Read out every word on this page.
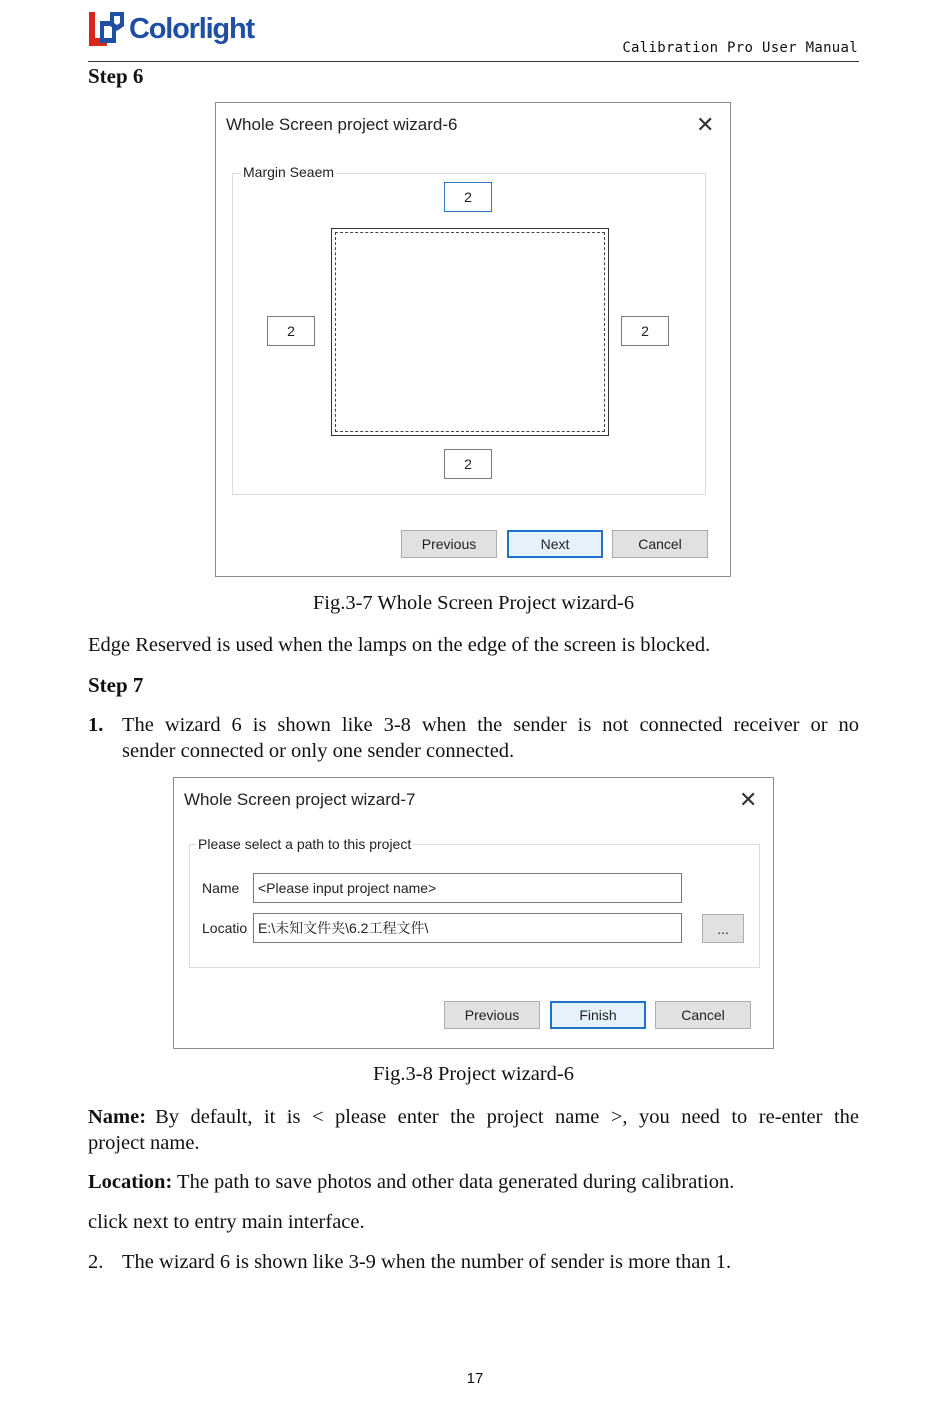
Colorlight
Calibration Pro User Manual
Step 6
Whole Screen project wizard-6	✕
Margin Seaem
2
2	2
2
Previous	Next	Cancel
Fig.3-7 Whole Screen Project wizard-6
Edge Reserved is used when the lamps on the edge of the screen is blocked.
Step 7
1. The wizard 6 is shown like 3-8 when the sender is not connected receiver or no
sender connected or only one sender connected.
Whole Screen project wizard-7	✕
Please select a path to this project
Name	<Please input project name>
Locatio E:\未知文件夹\6.2工程文件\	...
Previous	Finish	Cancel
Fig.3-8 Project wizard-6
Name: By default, it is < please enter the project name >, you need to re-enter the
project name.
Location: The path to save photos and other data generated during calibration.
click next to entry main interface.
2. The wizard 6 is shown like 3-9 when the number of sender is more than 1.
17
